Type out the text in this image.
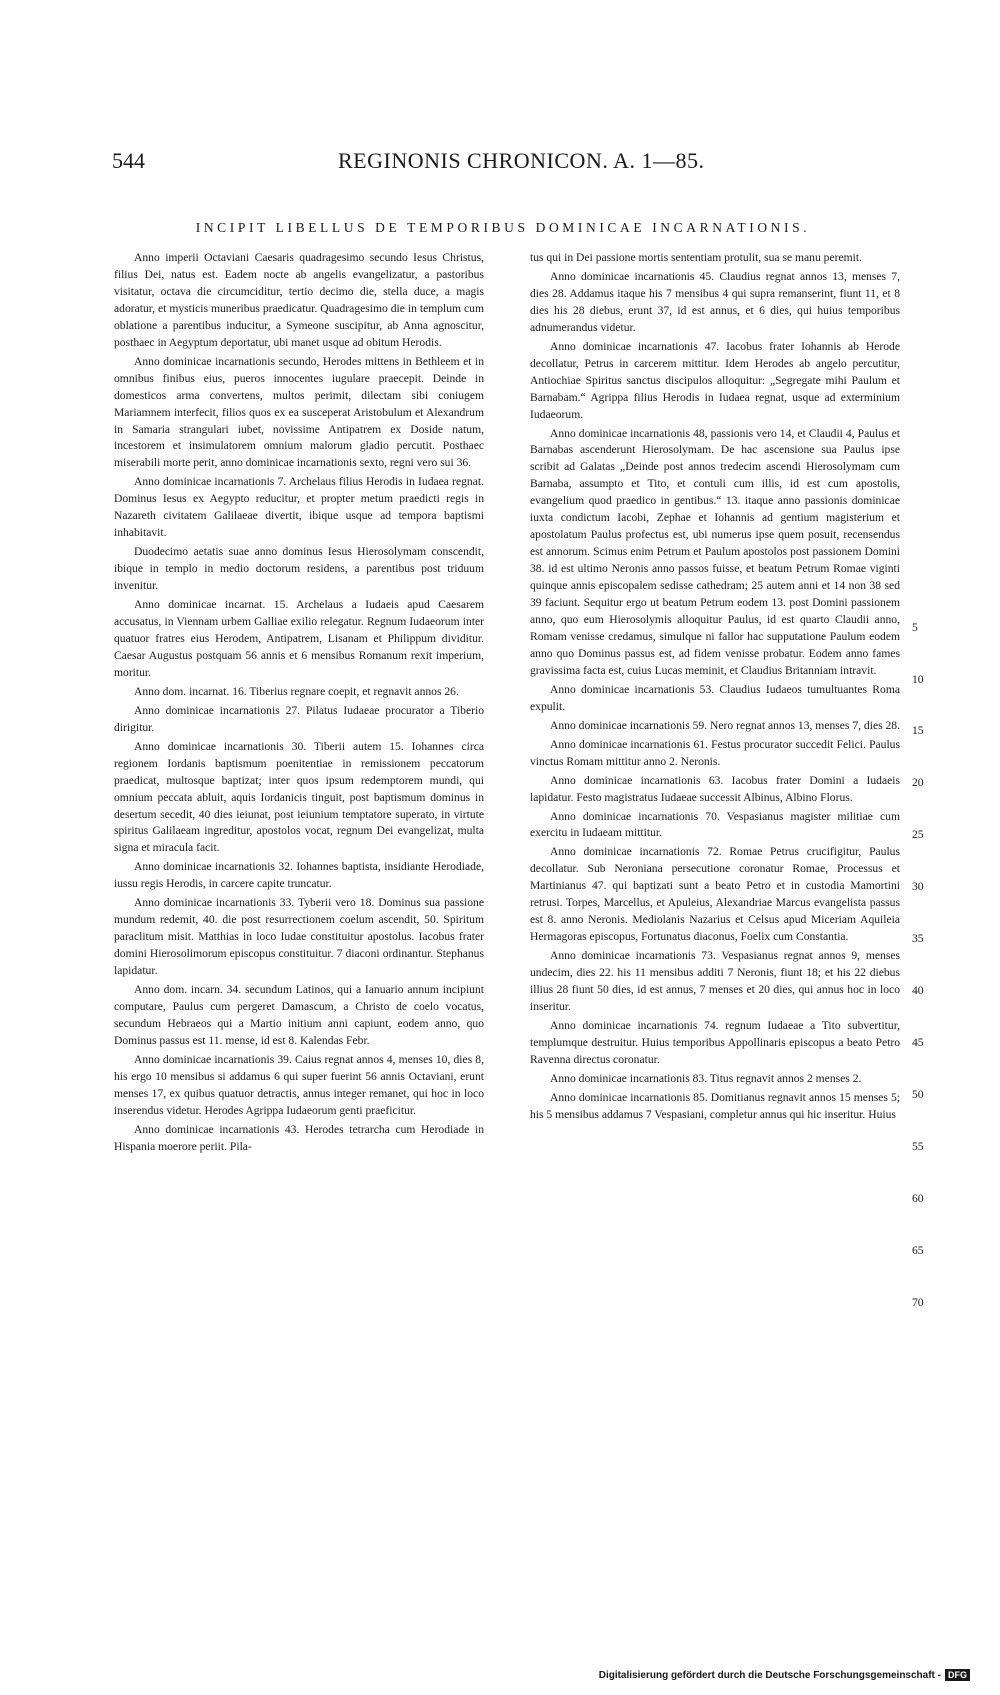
544	REGINONIS CHRONICON. A. 1—85.
INCIPIT LIBELLUS DE TEMPORIBUS DOMINICAE INCARNATIONIS.

Anno imperii Octaviani Caesaris quadragesimo secundo Iesus Christus, filius Dei, natus est. Eadem nocte ab angelis evangelizatur, a pastoribus visitatur, octava die circumciditur, tertio decimo die, stella duce, a magis adoratur, et mysticis muneribus praedicatur. Quadragesimo die in templum cum oblatione a parentibus inducitur, a Symeone suscipitur, ab Anna agnoscitur, posthaec in Aegyptum deportatur, ubi manet usque ad obitum Herodis.

Anno dominicae incarnationis secundo, Herodes mittens in Bethleem et in omnibus finibus eius, pueros innocentes iugulare praecepit. Deinde in domesticos arma convertens, multos perimit, dilectam sibi coniugem Mariamnem interfecit, filios quos ex ea susceperat Aristobulum et Alexandrum in Samaria strangulari iubet, novissime Antipatrem ex Doside natum, incestorem et insimulatorem omnium malorum gladio percutit. Posthaec miserabili morte perit, anno dominicae incarnationis sexto, regni vero sui 36.

Anno dominicae incarnationis 7. Archelaus filius Herodis in Iudaea regnat. Dominus Iesus ex Aegypto reducitur, et propter metum praedicti regis in Nazareth civitatem Galilaeae divertit, ibique usque ad tempora baptismi inhabitavit.

Duodecimo aetatis suae anno dominus Iesus Hierosolymam conscendit, ibique in templo in medio doctorum residens, a parentibus post triduum invenitur.

Anno dominicae incarnat. 15. Archelaus a Iudaeis apud Caesarem accusatus, in Viennam urbem Galliae exilio relegatur. Regnum Iudaeorum inter quatuor fratres eius Herodem, Antipatrem, Lisanam et Philippum dividitur. Caesar Augustus postquam 56 annis et 6 mensibus Romanum rexit imperium, moritur.

Anno dom. incarnat. 16. Tiberius regnare coepit, et regnavit annos 26.

Anno dominicae incarnationis 27. Pilatus Iudaeae procurator a Tiberio dirigitur.

Anno dominicae incarnationis 30. Tiberii autem 15. Iohannes circa regionem Iordanis baptismum poenitentiae in remissionem peccatorum praedicat, multosque baptizat; inter quos ipsum redemptorem mundi, qui omnium peccata abluit, aquis Iordanicis tinguit, post baptismum dominus in desertum secedit, 40 dies ieiunat, post ieiunium temptatore superato, in virtute spiritus Galilaeam ingreditur, apostolos vocat, regnum Dei evangelizat, multa signa et miracula facit.

Anno dominicae incarnationis 32. Iohannes baptista, insidiante Herodiade, iussu regis Herodis, in carcere capite truncatur.

Anno dominicae incarnationis 33. Tyberii vero 18. Dominus sua passione mundum redemit, 40. die post resurrectionem coelum ascendit, 50. Spiritum paraclitum misit. Matthias in loco Iudae constituitur apostolus. Iacobus frater domini Hierosolimorum episcopus constituitur. 7 diaconi ordinantur. Stephanus lapidatur.

Anno dom. incarn. 34. secundum Latinos, qui a Ianuario annum incipiunt computare, Paulus cum pergeret Damascum, a Christo de coelo vocatus, secundum Hebraeos qui a Martio initium anni capiunt, eodem anno, quo Dominus passus est 11. mense, id est 8. Kalendas Febr.

Anno dominicae incarnationis 39. Caius regnat annos 4, menses 10, dies 8, his ergo 10 mensibus si addamus 6 qui super fuerint 56 annis Octaviani, erunt menses 17, ex quibus quatuor detractis, annus integer remanet, qui hoc in loco inserendus videtur. Herodes Agrippa Iudaeorum genti praeficitur.

Anno dominicae incarnationis 43. Herodes tetrarcha cum Herodiade in Hispania moerore periit. Pila-

tus qui in Dei passione mortis sententiam protulit, sua se manu peremit.

Anno dominicae incarnationis 45. Claudius regnat annos 13, menses 7, dies 28. Addamus itaque his 7 mensibus 4 qui supra remanserint, fiunt 11, et 8 dies his 28 diebus, erunt 37, id est annus, et 6 dies, qui huius temporibus adnumerandus videtur.

Anno dominicae incarnationis 47. Iacobus frater Iohannis ab Herode decollatur, Petrus in carcerem mittitur. Idem Herodes ab angelo percutitur, Antiochiae Spiritus sanctus discipulos alloquitur: „Segregate mihi Paulum et Barnabam.“ Agrippa filius Herodis in Iudaea regnat, usque ad exterminium Iudaeorum.

Anno dominicae incarnationis 48, passionis vero 14, et Claudii 4, Paulus et Barnabas ascenderunt Hierosolymam. De hac ascensione sua Paulus ipse scribit ad Galatas „Deinde post annos tredecim ascendi Hierosolymam cum Barnaba, assumpto et Tito, et contuli cum illis, id est cum apostolis, evangelium quod praedico in gentibus.“ 13. itaque anno passionis dominicae iuxta condictum Iacobi, Zephae et Iohannis ad gentium magisterium et apostolatum Paulus profectus est, ubi numerus ipse quem posuit, recensendus est annorum. Scimus enim Petrum et Paulum apostolos post passionem Domini 38. id est ultimo Neronis anno passos fuisse, et beatum Petrum Romae viginti quinque annis episcopalem sedisse cathedram; 25 autem anni et 14 non 38 sed 39 faciunt. Sequitur ergo ut beatum Petrum eodem 13. post Domini passionem anno, quo eum Hierosolymis alloquitur Paulus, id est quarto Claudii anno, Romam venisse credamus, simulque ni fallor hac supputatione Paulum eodem anno quo Dominus passus est, ad fidem venisse probatur. Eodem anno fames gravissima facta est, cuius Lucas meminit, et Claudius Britanniam intravit.

Anno dominicae incarnationis 53. Claudius Iudaeos tumultuantes Roma expulit.

Anno dominicae incarnationis 59. Nero regnat annos 13, menses 7, dies 28.

Anno dominicae incarnationis 61. Festus procurator succedit Felici. Paulus vinctus Romam mittitur anno 2. Neronis.

Anno dominicae incarnationis 63. Iacobus frater Domini a Iudaeis lapidatur. Festo magistratus Iudaeae successit Albinus, Albino Florus.

Anno dominicae incarnationis 70. Vespasianus magister militiae cum exercitu in Iudaeam mittitur.

Anno dominicae incarnationis 72. Romae Petrus crucifigitur, Paulus decollatur. Sub Neroniana persecutione coronatur Romae, Processus et Martinianus 47. qui baptizati sunt a beato Petro et in custodia Mamortini retrusi. Torpes, Marcellus, et Apuleius, Alexandriae Marcus evangelista passus est 8. anno Neronis. Mediolanis Nazarius et Celsus apud Miceriam Aquileia Hermagoras episcopus, Fortunatus diaconus, Foelix cum Constantia.

Anno dominicae incarnationis 73. Vespasianus regnat annos 9, menses undecim, dies 22. his 11 mensibus additi 7 Neronis, fiunt 18; et his 22 diebus illius 28 fiunt 50 dies, id est annus, 7 menses et 20 dies, qui annus hoc in loco inseritur.

Anno dominicae incarnationis 74. regnum Iudaeae a Tito subvertitur, templumque destruitur. Huius temporibus Appollinaris episcopus a beato Petro Ravenna directus coronatur.

Anno dominicae incarnationis 83. Titus regnavit annos 2 menses 2.

Anno dominicae incarnationis 85. Domitianus regnavit annos 15 menses 5; his 5 mensibus addamus 7 Vespasiani, completur annus qui hic inseritur. Huius

5
10
15
20
25
30
35
40
45
50
55
60
65
70
Digitalisierung gefördert durch die Deutsche Forschungsgemeinschaft - DFG
